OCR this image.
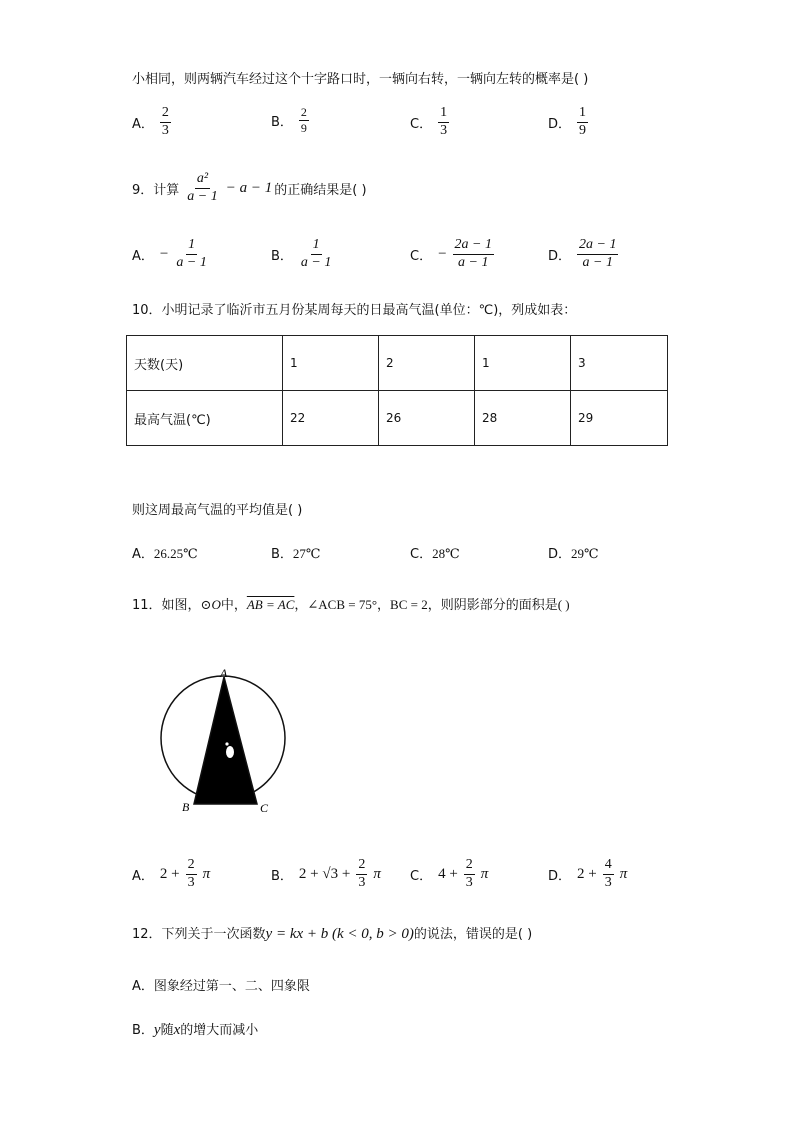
小相同，则两辆汽车经过这个十字路口时，一辆向右转，一辆向左转的概率是( )
A． $\frac{2}{3}$	B． $\frac{2}{9}$	C． $\frac{1}{3}$	D． $\frac{1}{9}$
9．计算 $\frac{\text{a²}}{a - 1} - a - 1$ 的正确结果是( )
A． − $\frac{1}{a - 1}$	B． $\frac{1}{a - 1}$	C． − $\frac{2a - 1}{a - 1}$	D． $\frac{2a - 1}{a - 1}$
10．小明记录了临沂市五月份某周每天的日最高气温(单位：℃)，列成如表：
天数(天)	1	2	1	3
最高气温(℃)	22	26	28	29
则这周最高气温的平均值是( )
A．26.25℃	B．27℃	C．28℃	D．29℃
11．如图，⊙O中，AB = AC，∠ACB = 75°，BC = 2，则阴影部分的面积是( )
A
B	C
A． $2 + \frac{2}{3}$ π	B． $2 + √3 + \frac{2}{3}$ π C． $4 + \frac{2}{3}$ π	D． $2 + \frac{4}{3}$ π
12．下列关于一次函数y = kx + b (k < 0, b > 0)的说法，错误的是( )
A．图象经过第一、二、四象限
B．y随x的增大而减小
